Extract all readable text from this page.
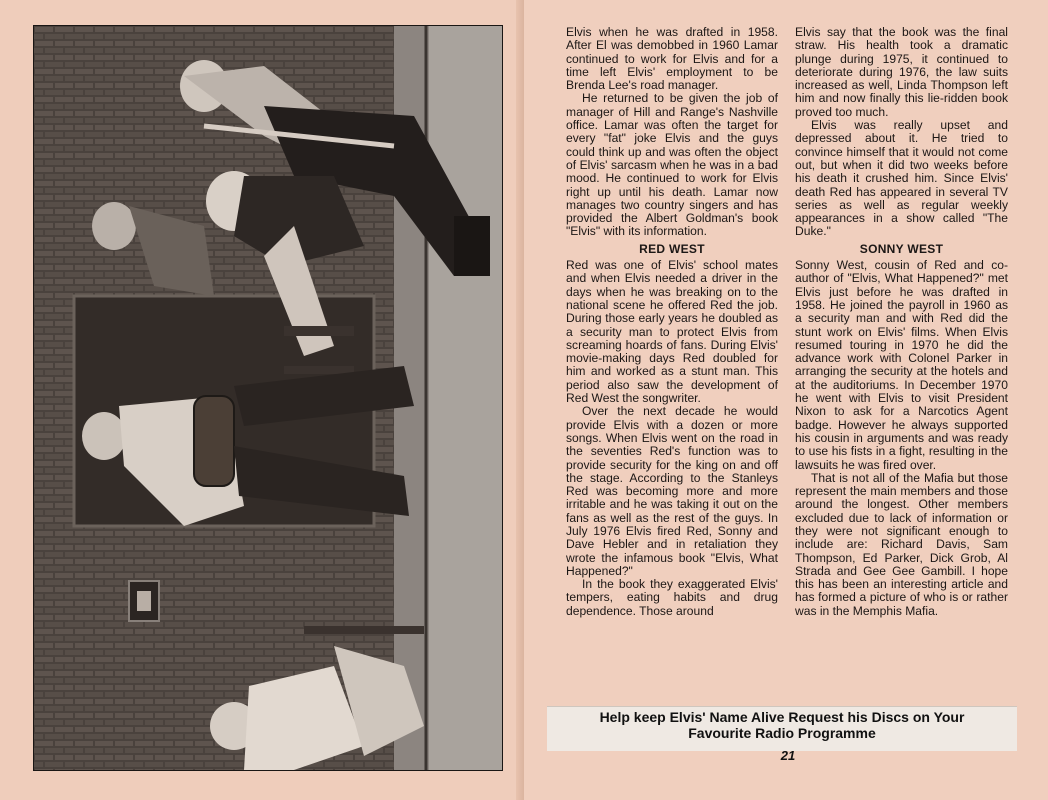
Elvis when he was drafted in 1958. After El was demobbed in 1960 Lamar continued to work for Elvis and for a time left Elvis' employment to be Brenda Lee's road manager.

He returned to be given the job of manager of Hill and Range's Nashville office. Lamar was often the target for every "fat" joke Elvis and the guys could think up and was often the object of Elvis' sarcasm when he was in a bad mood. He continued to work for Elvis right up until his death. Lamar now manages two country singers and has provided the Albert Goldman's book "Elvis" with its information.

RED WEST

Red was one of Elvis' school mates and when Elvis needed a driver in the days when he was breaking on to the national scene he offered Red the job. During those early years he doubled as a security man to protect Elvis from screaming hoards of fans. During Elvis' movie-making days Red doubled for him and worked as a stunt man. This period also saw the development of Red West the songwriter.

Over the next decade he would provide Elvis with a dozen or more songs. When Elvis went on the road in the seventies Red's function was to provide security for the king on and off the stage. According to the Stanleys Red was becoming more and more irritable and he was taking it out on the fans as well as the rest of the guys. In July 1976 Elvis fired Red, Sonny and Dave Hebler and in retaliation they wrote the infamous book "Elvis, What Happened?"

In the book they exaggerated Elvis' tempers, eating habits and drug dependence. Those around

Elvis say that the book was the final straw. His health took a dramatic plunge during 1975, it continued to deteriorate during 1976, the law suits increased as well, Linda Thompson left him and now finally this lie-ridden book proved too much.

Elvis was really upset and depressed about it. He tried to convince himself that it would not come out, but when it did two weeks before his death it crushed him. Since Elvis' death Red has appeared in several TV series as well as regular weekly appearances in a show called "The Duke."

SONNY WEST

Sonny West, cousin of Red and co-author of "Elvis, What Happened?" met Elvis just before he was drafted in 1958. He joined the payroll in 1960 as a security man and with Red did the stunt work on Elvis' films. When Elvis resumed touring in 1970 he did the advance work with Colonel Parker in arranging the security at the hotels and at the auditoriums. In December 1970 he went with Elvis to visit President Nixon to ask for a Narcotics Agent badge. However he always supported his cousin in arguments and was ready to use his fists in a fight, resulting in the lawsuits he was fired over.

That is not all of the Mafia but those represent the main members and those around the longest. Other members excluded due to lack of information or they were not significant enough to include are: Richard Davis, Sam Thompson, Ed Parker, Dick Grob, Al Strada and Gee Gee Gambill. I hope this has been an interesting article and has formed a picture of who is or rather was in the Memphis Mafia.

Help keep Elvis' Name Alive Request his Discs on Your

Favourite Radio Programme

21
